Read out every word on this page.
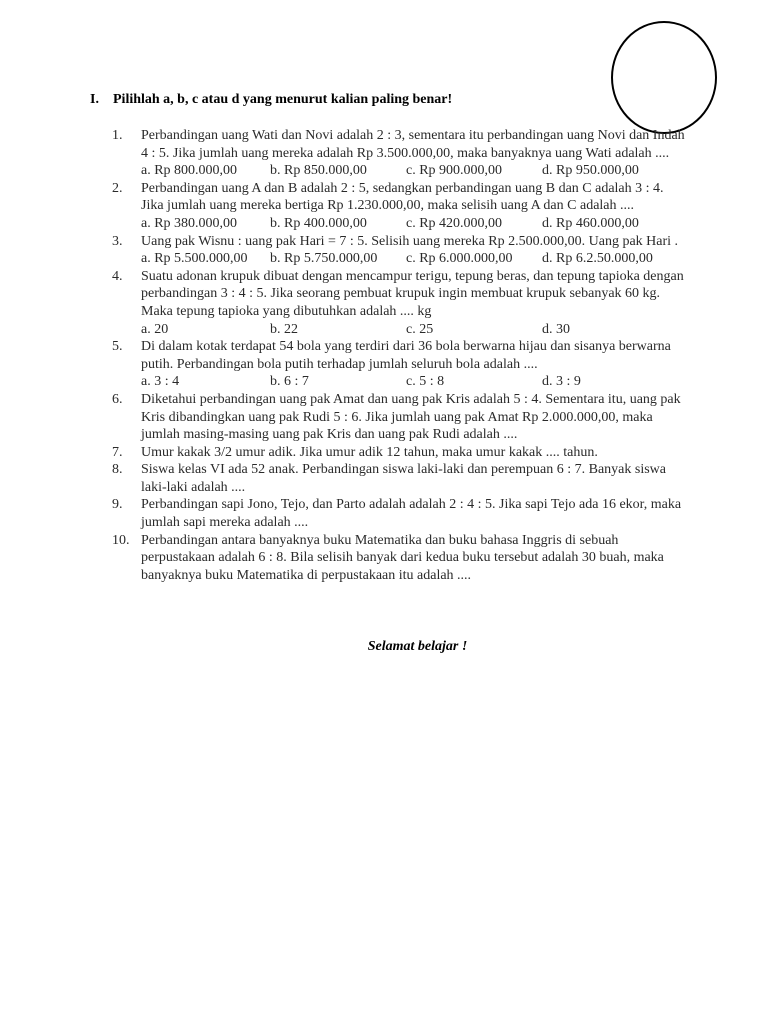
I. Pilihlah a, b, c atau d yang menurut kalian paling benar!
1. Perbandingan uang Wati dan Novi adalah 2 : 3, sementara itu perbandingan uang Novi dan Indah 4 : 5. Jika jumlah uang mereka adalah Rp 3.500.000,00, maka banyaknya uang Wati adalah ....
a. Rp 800.000,00	b. Rp 850.000,00	c. Rp 900.000,00	d. Rp 950.000,00
2. Perbandingan uang A dan B adalah 2 : 5, sedangkan perbandingan uang B dan C adalah 3 : 4. Jika jumlah uang mereka bertiga Rp 1.230.000,00, maka selisih uang A dan C adalah ....
a. Rp 380.000,00	b. Rp 400.000,00	c. Rp 420.000,00	d. Rp 460.000,00
3. Uang pak Wisnu : uang pak Hari = 7 : 5. Selisih uang mereka Rp 2.500.000,00. Uang pak Hari .
a. Rp 5.500.000,00	b. Rp 5.750.000,00	c. Rp 6.000.000,00	d. Rp 6.2.50.000,00
4. Suatu adonan krupuk dibuat dengan mencampur terigu, tepung beras, dan tepung tapioka dengan perbandingan 3 : 4 : 5. Jika seorang pembuat krupuk ingin membuat krupuk sebanyak 60 kg. Maka tepung tapioka yang dibutuhkan adalah .... kg
a. 20	b. 22	c. 25	d. 30
5. Di dalam kotak terdapat 54 bola yang terdiri dari 36 bola berwarna hijau dan sisanya berwarna putih. Perbandingan bola putih terhadap jumlah seluruh bola adalah ....
a. 3 : 4	b. 6 : 7	c. 5 : 8	d. 3 : 9
6. Diketahui perbandingan uang pak Amat dan uang pak Kris adalah 5 : 4. Sementara itu, uang pak Kris dibandingkan uang pak Rudi 5 : 6. Jika jumlah uang pak Amat Rp 2.000.000,00, maka jumlah masing-masing uang pak Kris dan uang pak Rudi adalah ....
7. Umur kakak 3/2 umur adik. Jika umur adik 12 tahun, maka umur kakak .... tahun.
8. Siswa kelas VI ada 52 anak. Perbandingan siswa laki-laki dan perempuan 6 : 7. Banyak siswa laki-laki adalah ....
9. Perbandingan sapi Jono, Tejo, dan Parto adalah adalah 2 : 4 : 5. Jika sapi Tejo ada 16 ekor, maka jumlah sapi mereka adalah ....
10. Perbandingan antara banyaknya buku Matematika dan buku bahasa Inggris di sebuah perpustakaan adalah 6 : 8. Bila selisih banyak dari kedua buku tersebut adalah 30 buah, maka banyaknya buku Matematika di perpustakaan itu adalah ....
Selamat belajar !
